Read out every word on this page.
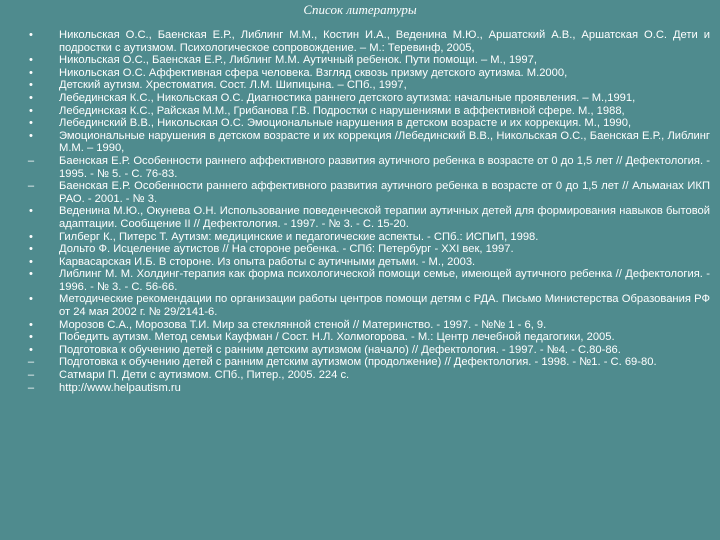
Список литературы
•	Никольская О.С., Баенская Е.Р., Либлинг М.М., Костин И.А., Веденина М.Ю., Аршатский А.В., Аршатская О.С. Дети и подростки с аутизмом. Психологическое сопровождение. – М.: Теревинф, 2005,
•	Никольская О.С., Баенская Е.Р., Либлинг М.М. Аутичный ребенок. Пути помощи. – М., 1997,
•	Никольская О.С. Аффективная сфера человека. Взгляд сквозь призму детского аутизма. М.2000,
•	Детский аутизм. Хрестоматия. Сост. Л.М. Шипицына. – СПб., 1997,
•	Лебединская К.С., Никольская О.С. Диагностика раннего детского аутизма: начальные проявления. – М.,1991,
•	Лебединская К.С., Райская М.М., Грибанова Г.В. Подростки с нарушениями в аффективной сфере. М., 1988,
•	Лебединский В.В., Никольская О.С. Эмоциональные нарушения в детском возрасте и их коррекция. М., 1990,
•	Эмоциональные нарушения в детском возрасте и их коррекция /Лебединский В.В., Никольская О.С., Баенская Е.Р., Либлинг М.М. – 1990,
–	Баенская Е.Р. Особенности раннего аффективного развития аутичного ребенка в возрасте от 0 до 1,5 лет // Дефектология. - 1995. - № 5. - С. 76-83.
–	Баенская Е.Р. Особенности раннего аффективного развития аутичного ребенка в возрасте от 0 до 1,5 лет // Альманах ИКП РАО. - 2001. - № 3.
•	Веденина М.Ю., Окунева О.Н. Использование поведенческой терапии аутичных детей для формирования навыков бытовой адаптации. Сообщение II // Дефектология. - 1997. - № 3. - С. 15-20.
•	Гилберг К., Питерс Т. Аутизм: медицинские и педагогические аспекты. - СПб.: ИСПиП, 1998.
•	Дольто Ф. Исцеление аутистов // На стороне ребенка. - СПб: Петербург - XXI век, 1997.
•	Карвасарская И.Б. В стороне. Из опыта работы с аутичными детьми. - М., 2003.
•	Либлинг М. М. Холдинг-терапия как форма психологической помощи семье, имеющей аутичного ребенка // Дефектология. - 1996. - № 3. - С. 56-66.
•	Методические рекомендации по организации работы центров помощи детям с РДА. Письмо Министерства Образования РФ от 24 мая 2002 г. № 29/2141-6.
•	Морозов С.А., Морозова Т.И. Мир за стеклянной стеной // Материнство. - 1997. - №№ 1 - 6, 9.
•	Победить аутизм. Метод семьи Кауфман / Сост. Н.Л. Холмогорова. - М.: Центр лечебной педагогики, 2005.
•	Подготовка к обучению детей с ранним детским аутизмом (начало) // Дефектология. - 1997. - №4. - С.80-86.
–	Подготовка к обучению детей с ранним детским аутизмом (продолжение) // Дефектология. - 1998. - №1. - С. 69-80.
–	Сатмари П. Дети с аутизмом. СПб., Питер., 2005. 224 с.
–	http://www.helpautism.ru
